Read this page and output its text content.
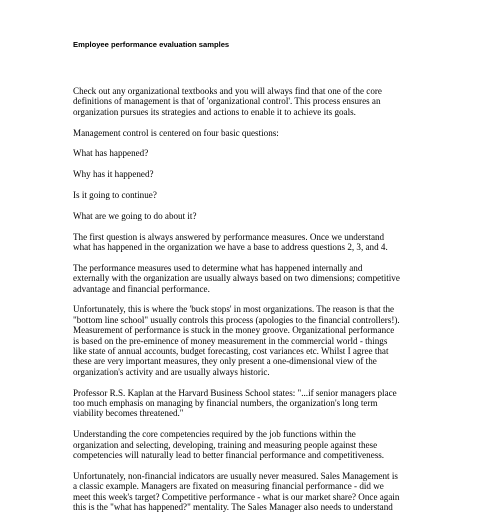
Employee performance evaluation samples

Check out any organizational textbooks and you will always find that one of the core
definitions of management is that of 'organizational control'. This process ensures an
organization pursues its strategies and actions to enable it to achieve its goals.

Management control is centered on four basic questions:

What has happened?

Why has it happened?

Is it going to continue?

What are we going to do about it?

The first question is always answered by performance measures. Once we understand
what has happened in the organization we have a base to address questions 2, 3, and 4.

The performance measures used to determine what has happened internally and
externally with the organization are usually always based on two dimensions; competitive
advantage and financial performance.

Unfortunately, this is where the 'buck stops' in most organizations. The reason is that the
"bottom line school" usually controls this process (apologies to the financial controllers!).
Measurement of performance is stuck in the money groove. Organizational performance
is based on the pre-eminence of money measurement in the commercial world - things
like state of annual accounts, budget forecasting, cost variances etc. Whilst I agree that
these are very important measures, they only present a one-dimensional view of the
organization's activity and are usually always historic.

Professor R.S. Kaplan at the Harvard Business School states: "...if senior managers place
too much emphasis on managing by financial numbers, the organization's long term
viability becomes threatened."

Understanding the core competencies required by the job functions within the
organization and selecting, developing, training and measuring people against these
competencies will naturally lead to better financial performance and competitiveness.

Unfortunately, non-financial indicators are usually never measured. Sales Management is
a classic example. Managers are fixated on measuring financial performance - did we
meet this week's target? Competitive performance - what is our market share? Once again
this is the "what has happened?" mentality. The Sales Manager also needs to understand
